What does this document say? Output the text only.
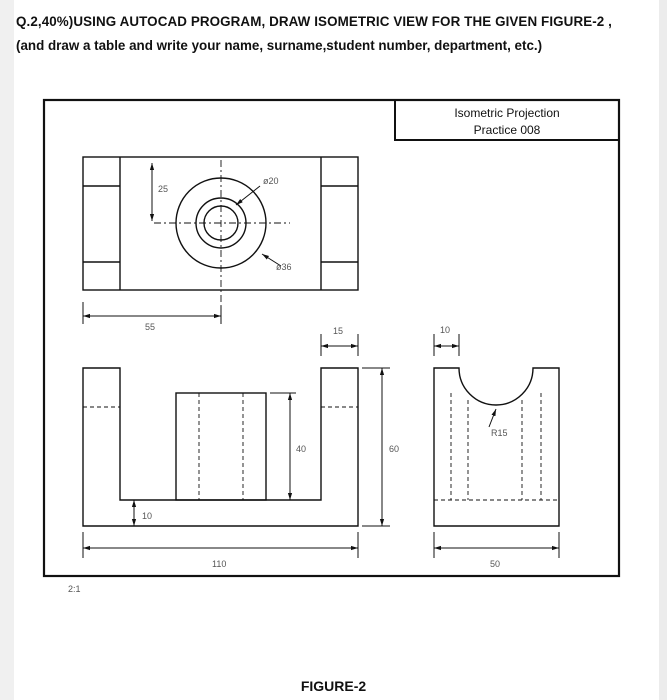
Q.2,40%)USING AUTOCAD PROGRAM, DRAW ISOMETRIC VIEW FOR THE GIVEN FIGURE-2 ,
(and draw a table and write your name, surname,student number, department, etc.)
Isometric Projection
Practice 008
25
55
ø20
ø36
15
40	60
10
110
10
R15
50
2:1
FIGURE-2
